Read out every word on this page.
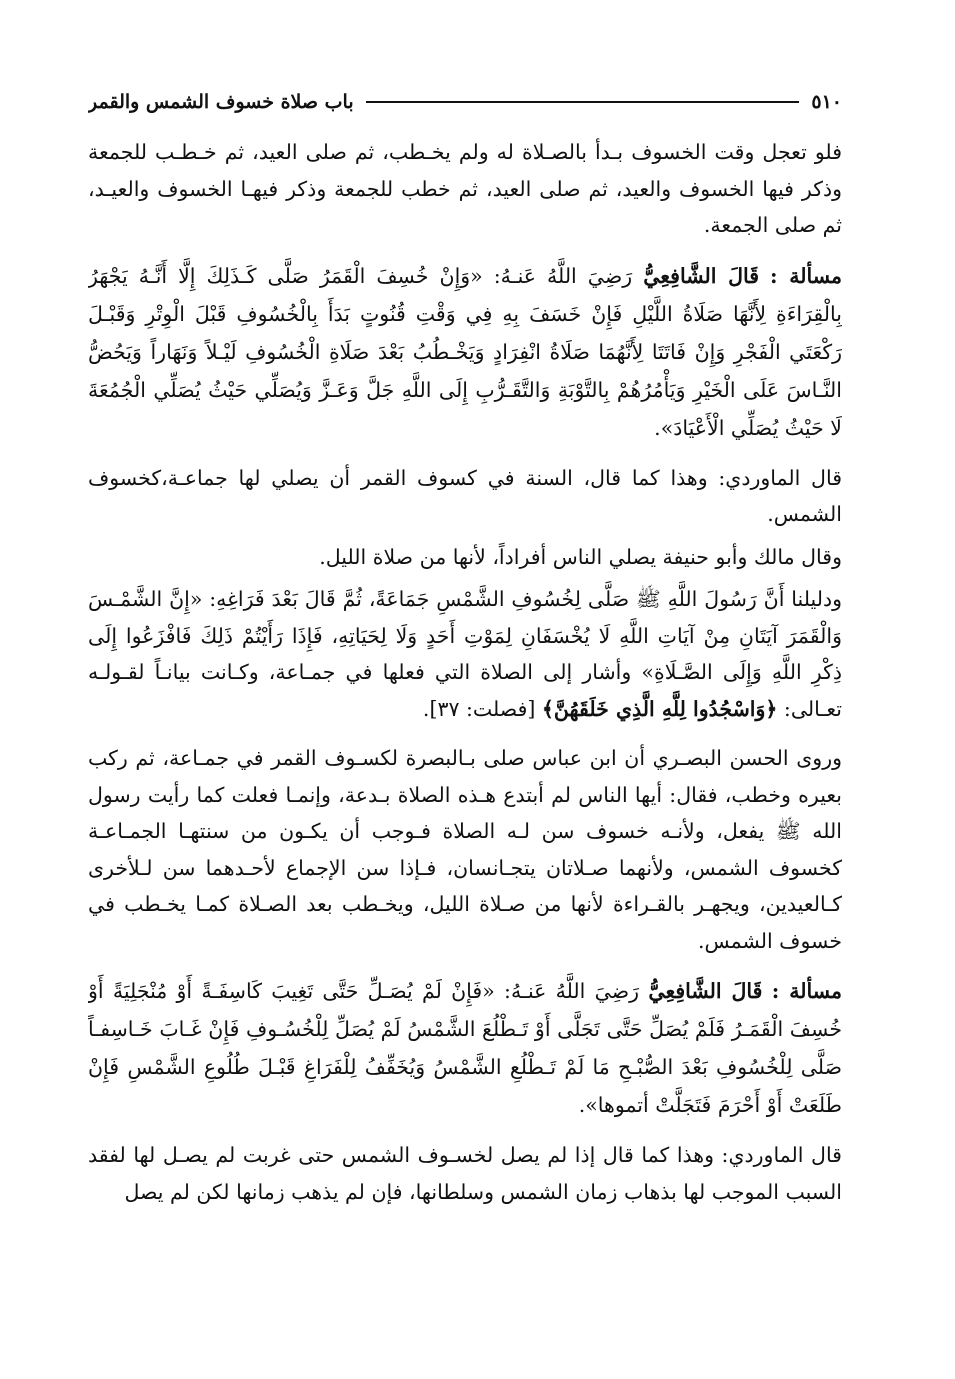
٥١٠
باب صلاة خسوف الشمس والقمر

فلو تعجل وقت الخسوف بـدأ بالصـلاة له ولم يخـطب، ثم صلى العيد، ثم خـطـب للجمعة وذكر فيها الخسوف والعيد، ثم صلى العيد، ثم خطب للجمعة وذكر فيهـا الخسوف والعيـد، ثم صلى الجمعة.

مسألة : قَالَ الشَّافِعِيُّ رَضِيَ اللَّهُ عَنـهُ: «وَإِنْ خُسِفَ الْقَمَرُ صَلَّى كَـذَلِكَ إِلَّا أَنَّـهُ يَجْهَرُ بِالْقِرَاءَةِ لِأَنَّهَا صَلَاةُ اللَّيْلِ فَإِنْ خَسَفَ بِهِ فِي وَقْتِ قُنُوتٍ بَدَأَ بِالْخُسُوفِ قَبْلَ الْوِتْرِ وَقَبْـلَ رَكْعَتَي الْفَجْرِ وَإِنْ فَاتَتَا لِأَنَّهُمَا صَلَاةُ انْفِرَادٍ وَيَخْـطُبُ بَعْدَ صَلَاةِ الْخُسُوفِ لَيْـلاً وَنَهَاراً وَيَحُضُّ النَّـاسَ عَلَى الْخَيْرِ وَيَأْمُرُهُمْ بِالتَّوْبَةِ وَالتَّقَـرُّبِ إِلَى اللَّهِ جَلَّ وَعَـزَّ وَيُصَلِّي حَيْثُ يُصَلِّي الْجُمُعَةَ لَا حَيْثُ يُصَلِّي الْأَعْيَادَ».

قال الماوردي: وهذا كما قال، السنة في كسوف القمر أن يصلي لها جماعـة،كخسوف الشمس.

وقال مالك وأبو حنيفة يصلي الناس أفراداً، لأنها من صلاة الليل.

ودليلنا أَنَّ رَسُولَ اللَّهِ ﷺ صَلَّى لِخُسُوفِ الشَّمْسِ جَمَاعَةً، ثُمَّ قَالَ بَعْدَ فَرَاغِهِ: «إِنَّ الشَّمْـسَ وَالْقَمَرَ آيَتَانِ مِنْ آيَاتِ اللَّهِ لَا يُخْسَفَانِ لِمَوْتِ أَحَدٍ وَلَا لِحَيَاتِهِ، فَإِذَا رَأَيْتُمْ ذَلِكَ فَافْزَعُوا إِلَى ذِكْرِ اللَّهِ وَإِلَى الصَّـلَاةِ» وأشار إلى الصلاة التي فعلها في جمـاعة، وكـانت بيانـاً لقـولـه تعـالى: ﴿وَاسْجُدُوا لِلَّهِ الَّذِي خَلَقَهُنَّ﴾ [فصلت: ٣٧].

وروى الحسن البصـري أن ابن عباس صلى بـالبصرة لكسـوف القمر في جمـاعة، ثم ركب بعيره وخطب، فقال: أيها الناس لم أبتدع هـذه الصلاة بـدعة، وإنمـا فعلت كما رأيت رسول الله ﷺ يفعل، ولأنـه خسوف سن لـه الصلاة فـوجب أن يكـون من سنتهـا الجمـاعـة كخسوف الشمس، ولأنهما صـلاتان يتجـانسان، فـإذا سن الإجماع لأحـدهما سن لـلأخرى كـالعيدين، ويجهـر بالقـراءة لأنها من صـلاة الليل، ويخـطب بعد الصـلاة كمـا يخـطب في خسوف الشمس.

مسألة : قَالَ الشَّافِعِيُّ رَضِيَ اللَّهُ عَنـهُ: «فَإِنْ لَمْ يُصَـلِّ حَتَّى تَغِيبَ كَاسِفَـةً أَوْ مُنْجَلِيَةً أَوْ خُسِفَ الْقَمَـرُ فَلَمْ يُصَلِّ حَتَّى تَجَلَّى أَوْ تَـطْلُعَ الشَّمْسُ لَمْ يُصَلِّ لِلْخُسُـوفِ فَإِنْ غَـابَ خَـاسِفـاً صَلَّى لِلْخُسُوفِ بَعْدَ الصُّبْـحِ مَا لَمْ تَـطْلُعِ الشَّمْسُ وَيُخَفِّفُ لِلْفَرَاغِ قَبْـلَ طُلُوعِ الشَّمْسِ فَإِنْ طَلَعَتْ أَوْ أَحْرَمَ فَتَجَلَّتْ أتموها».

قال الماوردي: وهذا كما قال إذا لم يصل لخسـوف الشمس حتى غربت لم يصـل لها لفقد السبب الموجب لها بذهاب زمان الشمس وسلطانها، فإن لم يذهب زمانها لكن لم يصل
